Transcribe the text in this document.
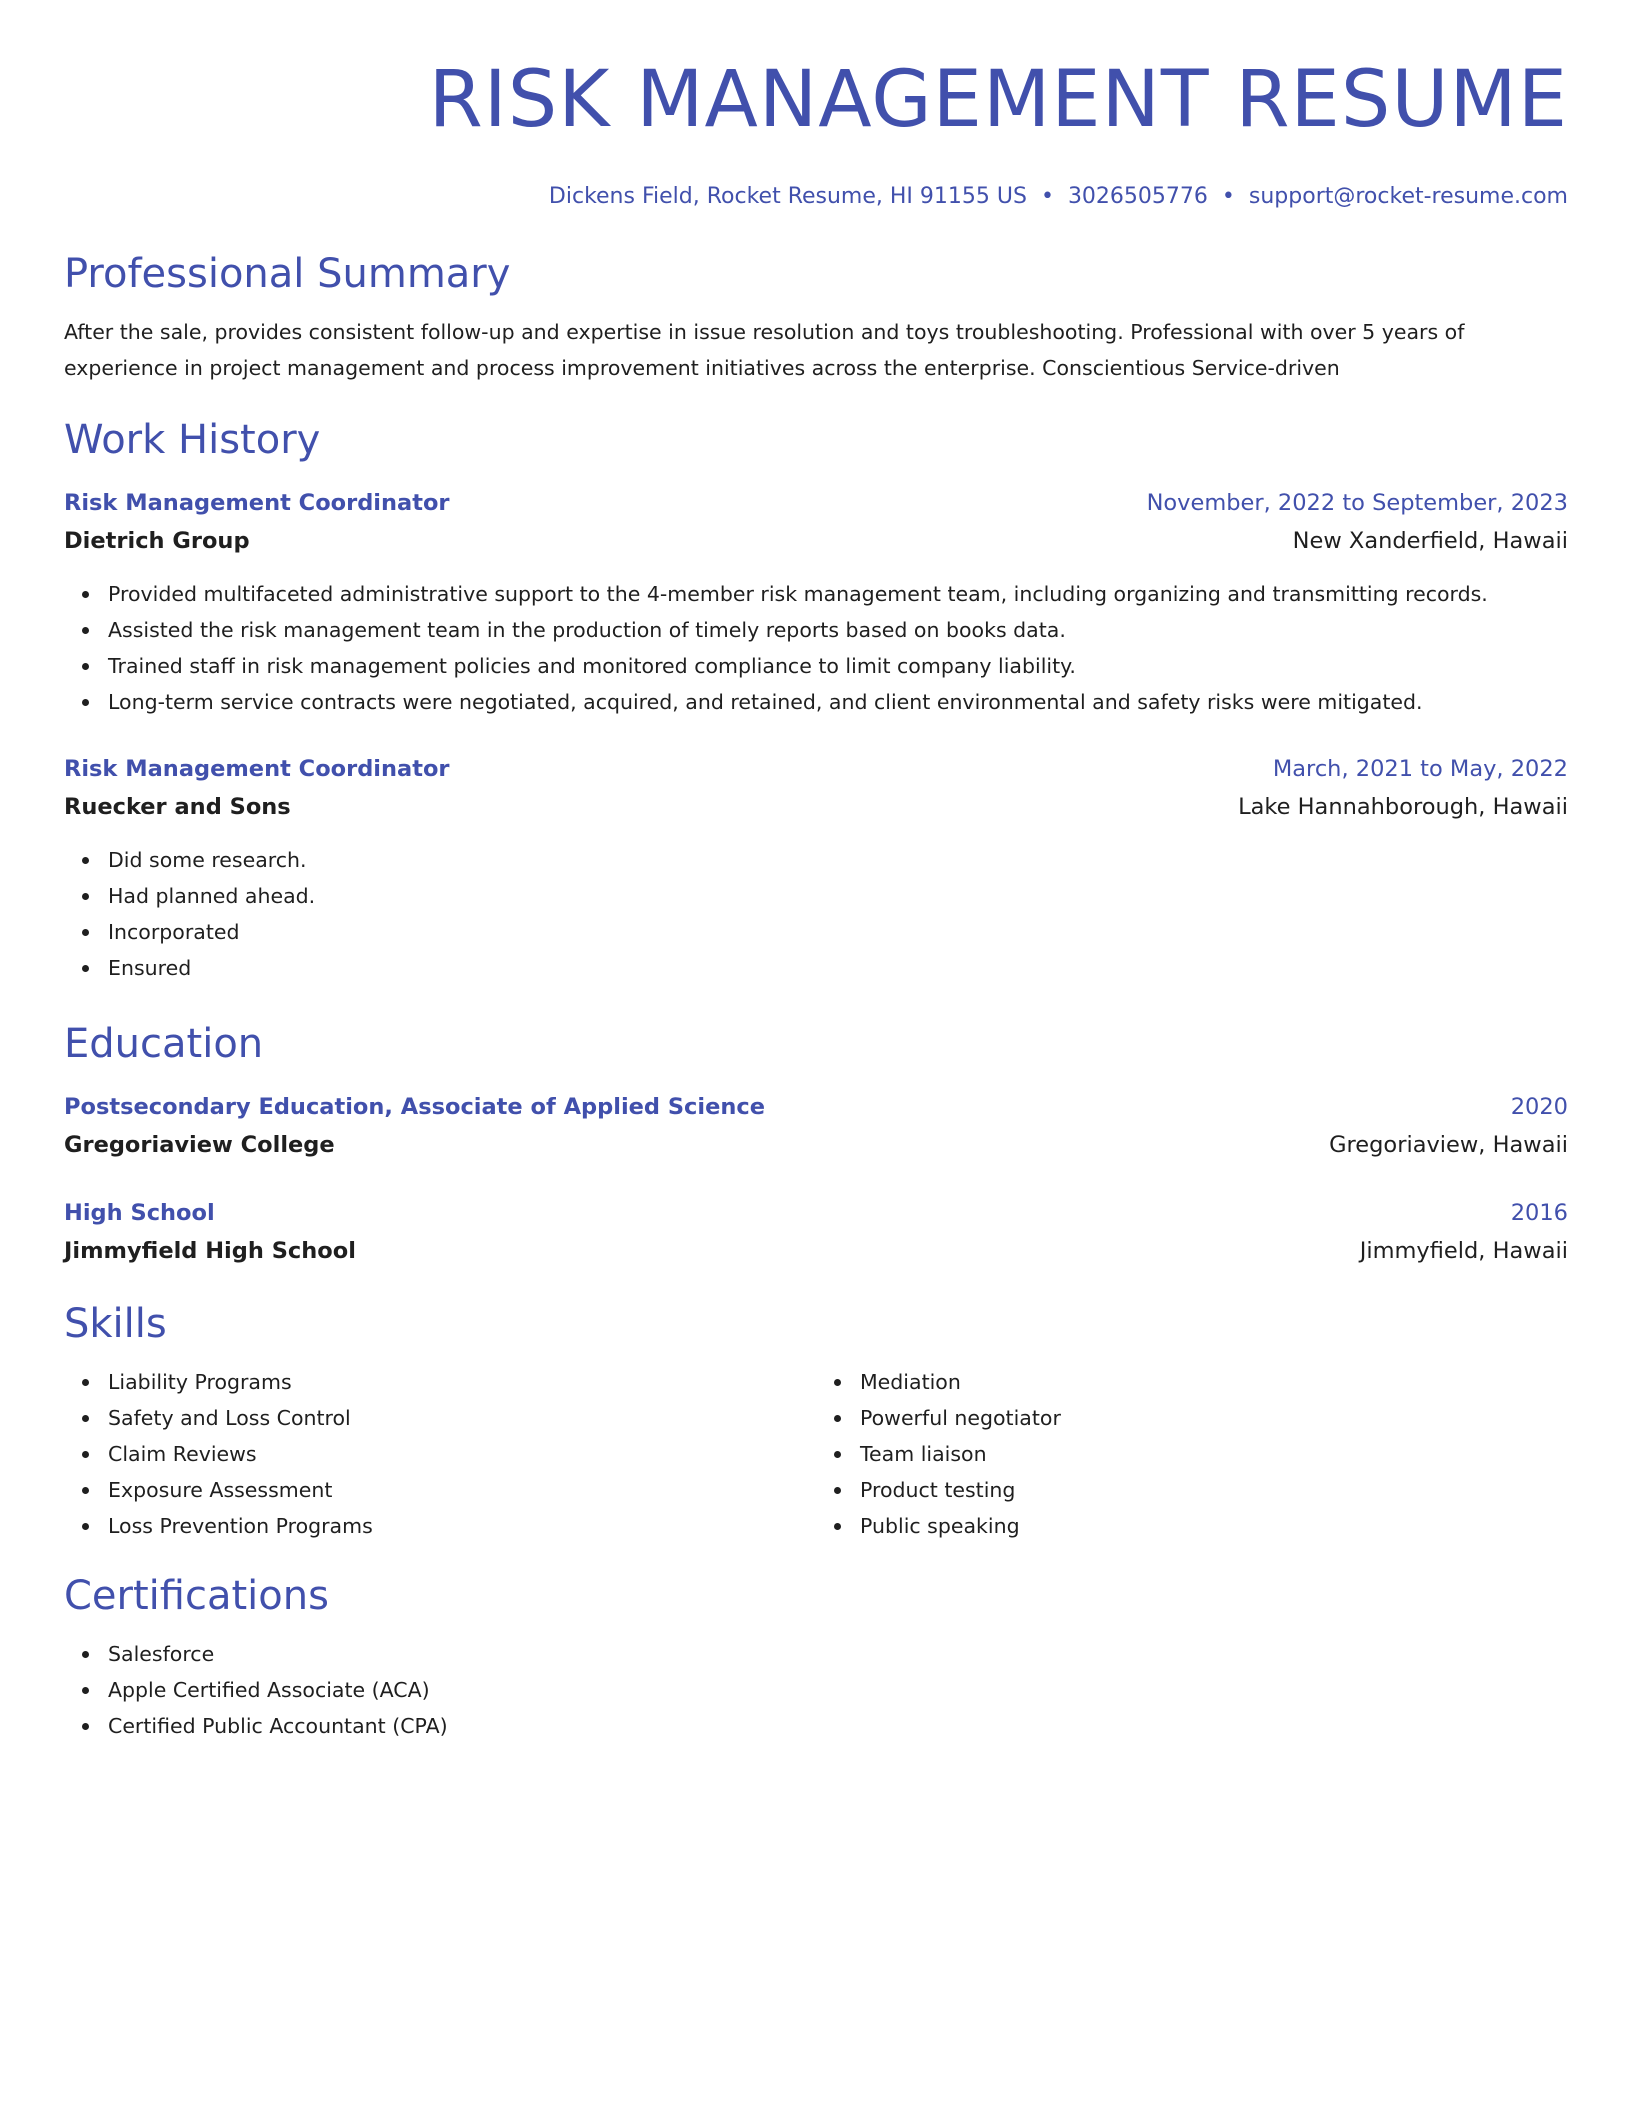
RISK MANAGEMENT RESUME
Dickens Field, Rocket Resume, HI 91155 US • 3026505776 • support@rocket-resume.com
Professional Summary
After the sale, provides consistent follow-up and expertise in issue resolution and toys troubleshooting. Professional with over 5 years of experience in project management and process improvement initiatives across the enterprise. Conscientious Service-driven
Work History
Risk Management Coordinator	November, 2022 to September, 2023
Dietrich Group	New Xanderfield, Hawaii
Provided multifaceted administrative support to the 4-member risk management team, including organizing and transmitting records.
Assisted the risk management team in the production of timely reports based on books data.
Trained staff in risk management policies and monitored compliance to limit company liability.
Long-term service contracts were negotiated, acquired, and retained, and client environmental and safety risks were mitigated.
Risk Management Coordinator	March, 2021 to May, 2022
Ruecker and Sons	Lake Hannahborough, Hawaii
Did some research.
Had planned ahead.
Incorporated
Ensured
Education
Postsecondary Education, Associate of Applied Science	2020
Gregoriaview College	Gregoriaview, Hawaii
High School	2016
Jimmyfield High School	Jimmyfield, Hawaii
Skills
Liability Programs
Safety and Loss Control
Claim Reviews
Exposure Assessment
Loss Prevention Programs
Mediation
Powerful negotiator
Team liaison
Product testing
Public speaking
Certifications
Salesforce
Apple Certified Associate (ACA)
Certified Public Accountant (CPA)
